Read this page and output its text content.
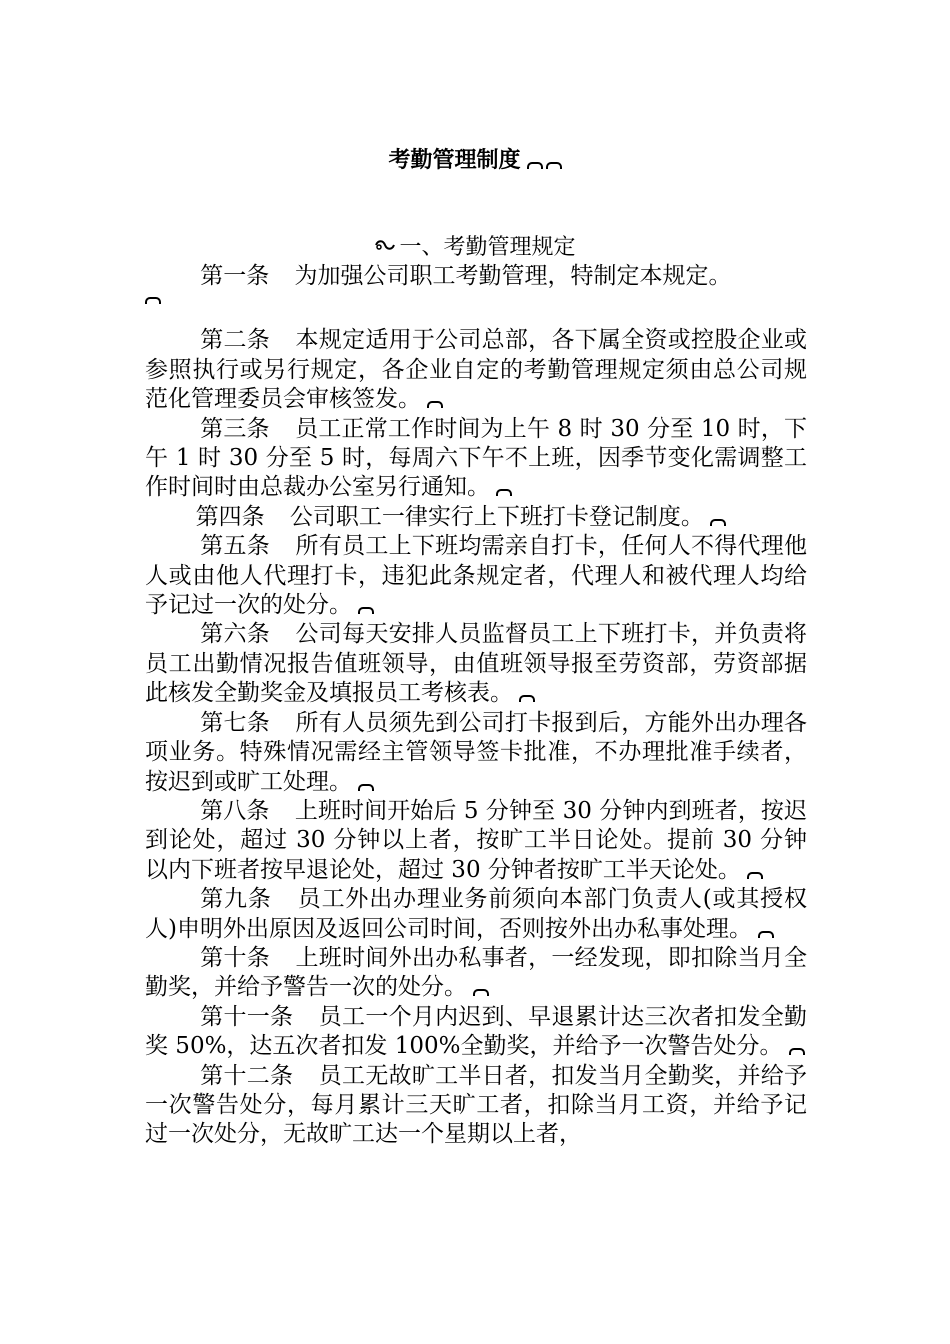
考勤管理制度
一、考勤管理规定

第一条 为加强公司职工考勤管理，特制定本规定。

第二条 本规定适用于公司总部，各下属全资或控股企业或参照执行或另行规定，各企业自定的考勤管理规定须由总公司规范化管理委员会审核签发。

第三条 员工正常工作时间为上午 8 时 30 分至 10 时，下午 1 时 30 分至 5 时，每周六下午不上班，因季节变化需调整工作时间时由总裁办公室另行通知。

第四条 公司职工一律实行上下班打卡登记制度。

第五条 所有员工上下班均需亲自打卡，任何人不得代理他人或由他人代理打卡，违犯此条规定者，代理人和被代理人均给予记过一次的处分。

第六条 公司每天安排人员监督员工上下班打卡，并负责将员工出勤情况报告值班领导，由值班领导报至劳资部，劳资部据此核发全勤奖金及填报员工考核表。

第七条 所有人员须先到公司打卡报到后，方能外出办理各项业务。特殊情况需经主管领导签卡批准，不办理批准手续者，按迟到或旷工处理。

第八条 上班时间开始后 5 分钟至 30 分钟内到班者，按迟到论处，超过 30 分钟以上者，按旷工半日论处。提前 30 分钟以内下班者按早退论处，超过 30 分钟者按旷工半天论处。

第九条 员工外出办理业务前须向本部门负责人(或其授权人)申明外出原因及返回公司时间，否则按外出办私事处理。

第十条 上班时间外出办私事者，一经发现，即扣除当月全勤奖，并给予警告一次的处分。

第十一条 员工一个月内迟到、早退累计达三次者扣发全勤奖 50%，达五次者扣发 100%全勤奖，并给予一次警告处分。

第十二条 员工无故旷工半日者，扣发当月全勤奖，并给予一次警告处分，每月累计三天旷工者，扣除当月工资，并给予记过一次处分，无故旷工达一个星期以上者，
